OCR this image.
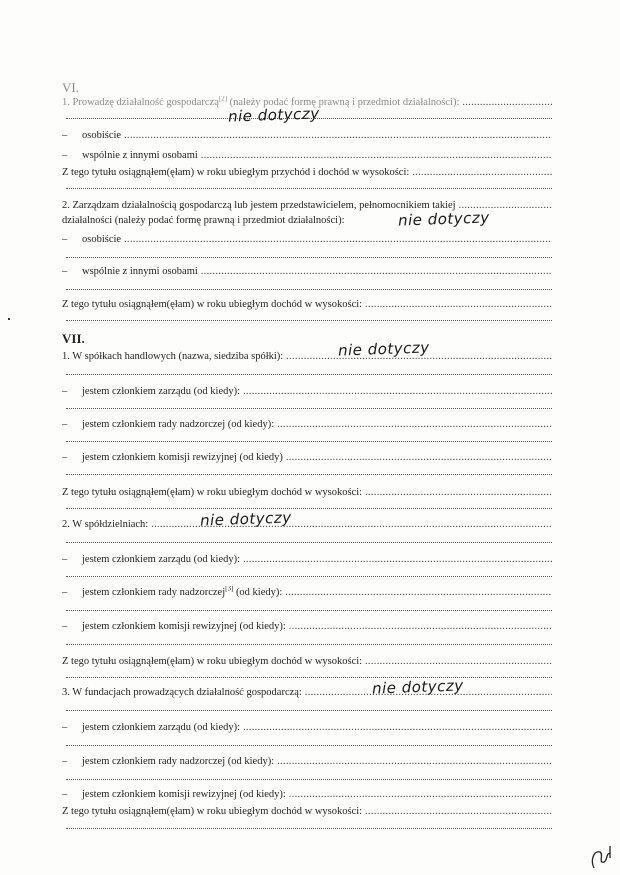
VI.
1. Prowadzę działalność gospodarczą[2] (należy podać formę prawną i przedmiot działalności): .....
nie dotyczy
– osobiście .....
– wspólnie z innymi osobami .....
Z tego tytułu osiągnąłem(ęłam) w roku ubiegłym przychód i dochód w wysokości: .....
2. Zarządzam działalnością gospodarczą lub jestem przedstawicielem, pełnomocnikiem takiej .....
działalności (należy podać formę prawną i przedmiot działalności):	nie dotyczy
– osobiście .....
– wspólnie z innymi osobami .....
Z tego tytułu osiągnąłem(ęłam) w roku ubiegłym dochód w wysokości: .....
VII.
1. W spółkach handlowych (nazwa, siedziba spółki): .....	nie dotyczy
– jestem członkiem zarządu (od kiedy): .....
– jestem członkiem rady nadzorczej (od kiedy): .....
– jestem członkiem komisji rewizyjnej (od kiedy) .....
Z tego tytułu osiągnąłem(ęłam) w roku ubiegłym dochód w wysokości: .....
2. W spółdzielniach: .....	nie dotyczy
– jestem członkiem zarządu (od kiedy): .....
– jestem członkiem rady nadzorczej[3] (od kiedy): .....
– jestem członkiem komisji rewizyjnej (od kiedy): .....
Z tego tytułu osiągnąłem(ęłam) w roku ubiegłym dochód w wysokości: .....
3. W fundacjach prowadzących działalność gospodarczą: .....	nie dotyczy
– jestem członkiem zarządu (od kiedy): .....
– jestem członkiem rady nadzorczej (od kiedy): .....
– jestem członkiem komisji rewizyjnej (od kiedy): .....
Z tego tytułu osiągnąłem(ęłam) w roku ubiegłym dochód w wysokości: .....
